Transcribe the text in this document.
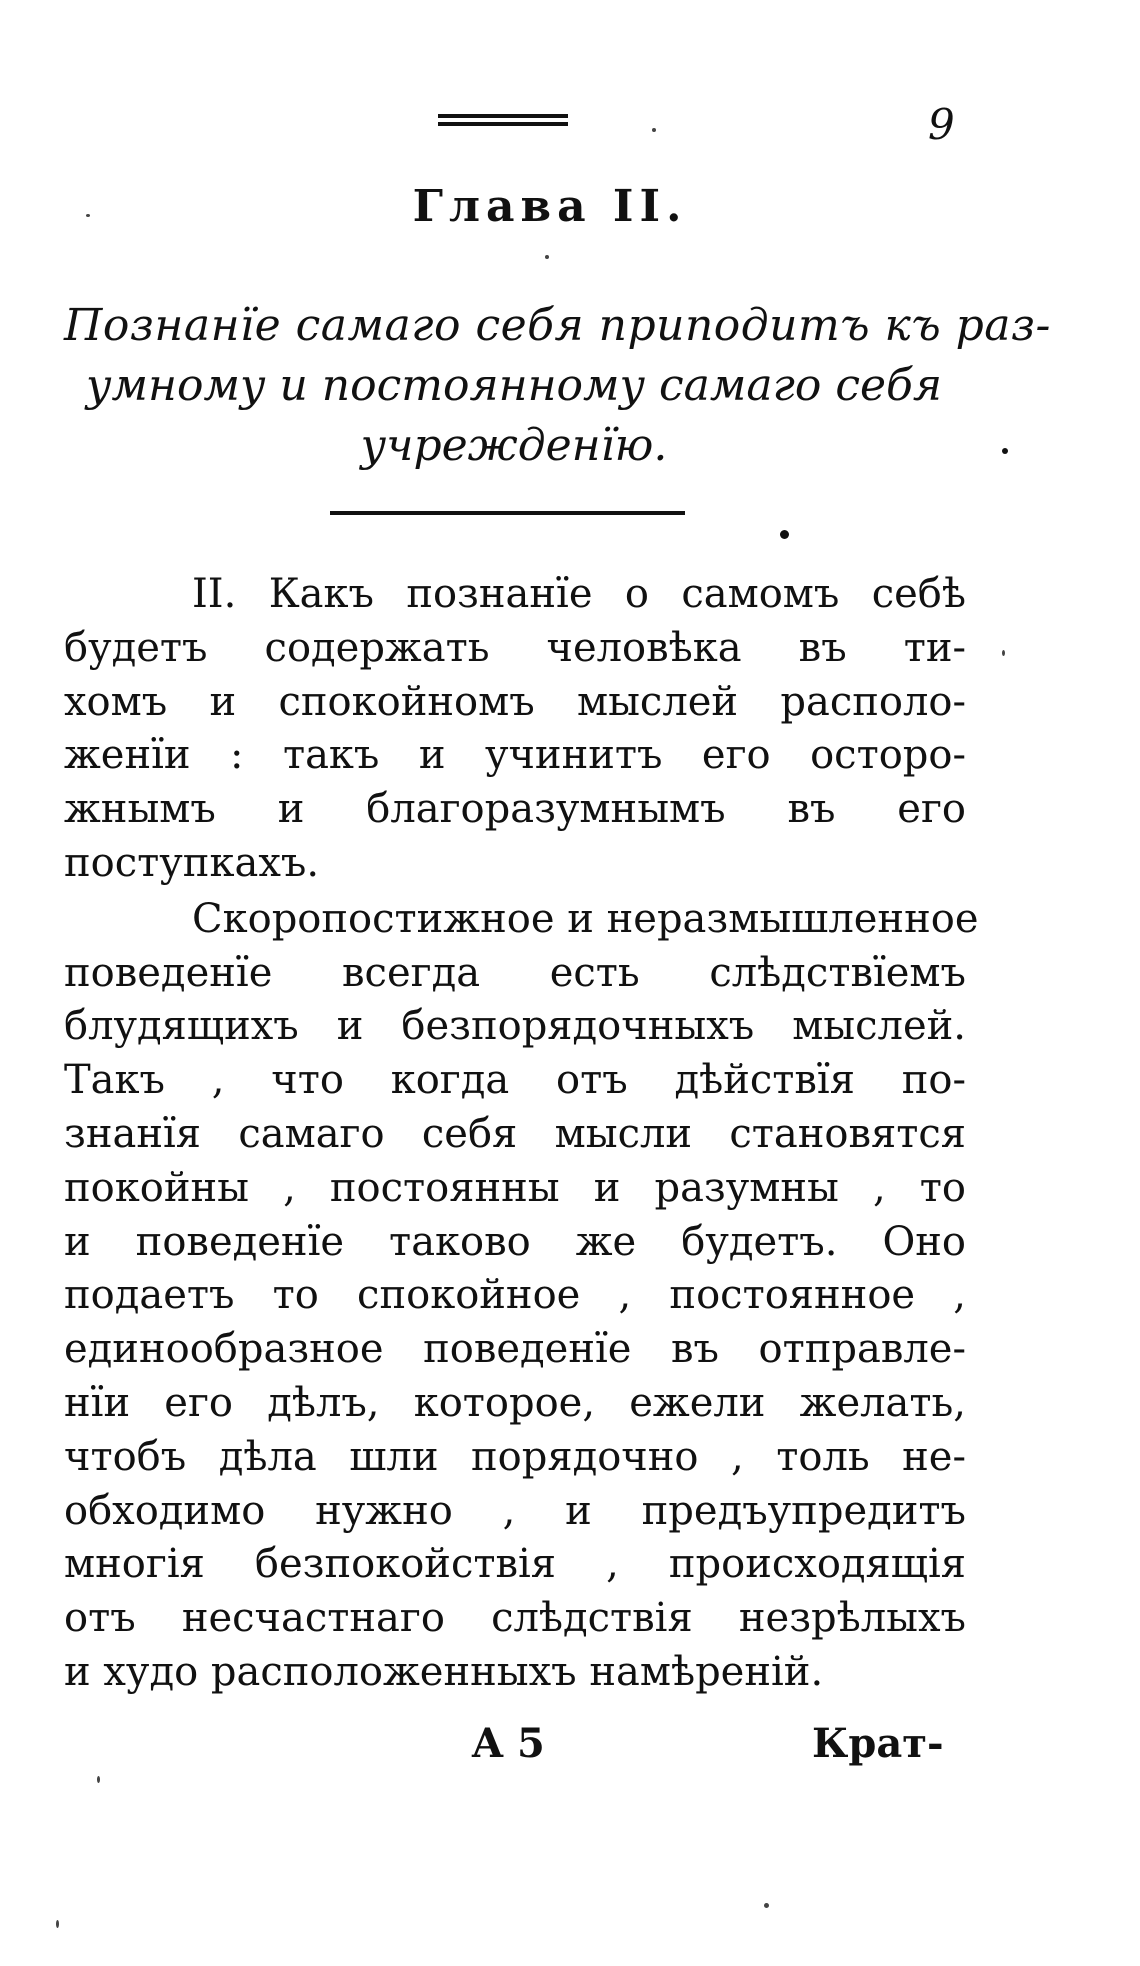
9
Глава II.

Познанїе самаго себя приподитъ къ раз-
умному и постоянному самаго себя
учрежденїю.

II. Какъ познанїе о самомъ себѣ
будетъ содержать человѣка въ ти-
хомъ и спокойномъ мыслей располо-
женїи : такъ и учинитъ его осторо-
жнымъ и благоразумнымъ въ его
поступкахъ.
Скоропостижное и неразмышленное
поведенїе всегда есть слѣдствїемъ
блудящихъ и безпорядочныхъ мыслей.
Такъ , что когда отъ дѣйствїя по-
знанїя самаго себя мысли становятся
покойны , постоянны и разумны , то
и поведенїе таково же будетъ. Оно
подаетъ то спокойное , постоянное ,
единообразное поведенїе въ отправле-
нїи его дѣлъ, которое, ежели желать,
чтобъ дѣла шли порядочно , толь не-
обходимо нужно , и предъупредитъ
многія безпокойствія , происходящія
отъ несчастнаго слѣдствія незрѣлыхъ
и худо расположенныхъ намѣреній.
A 5	Крат-
